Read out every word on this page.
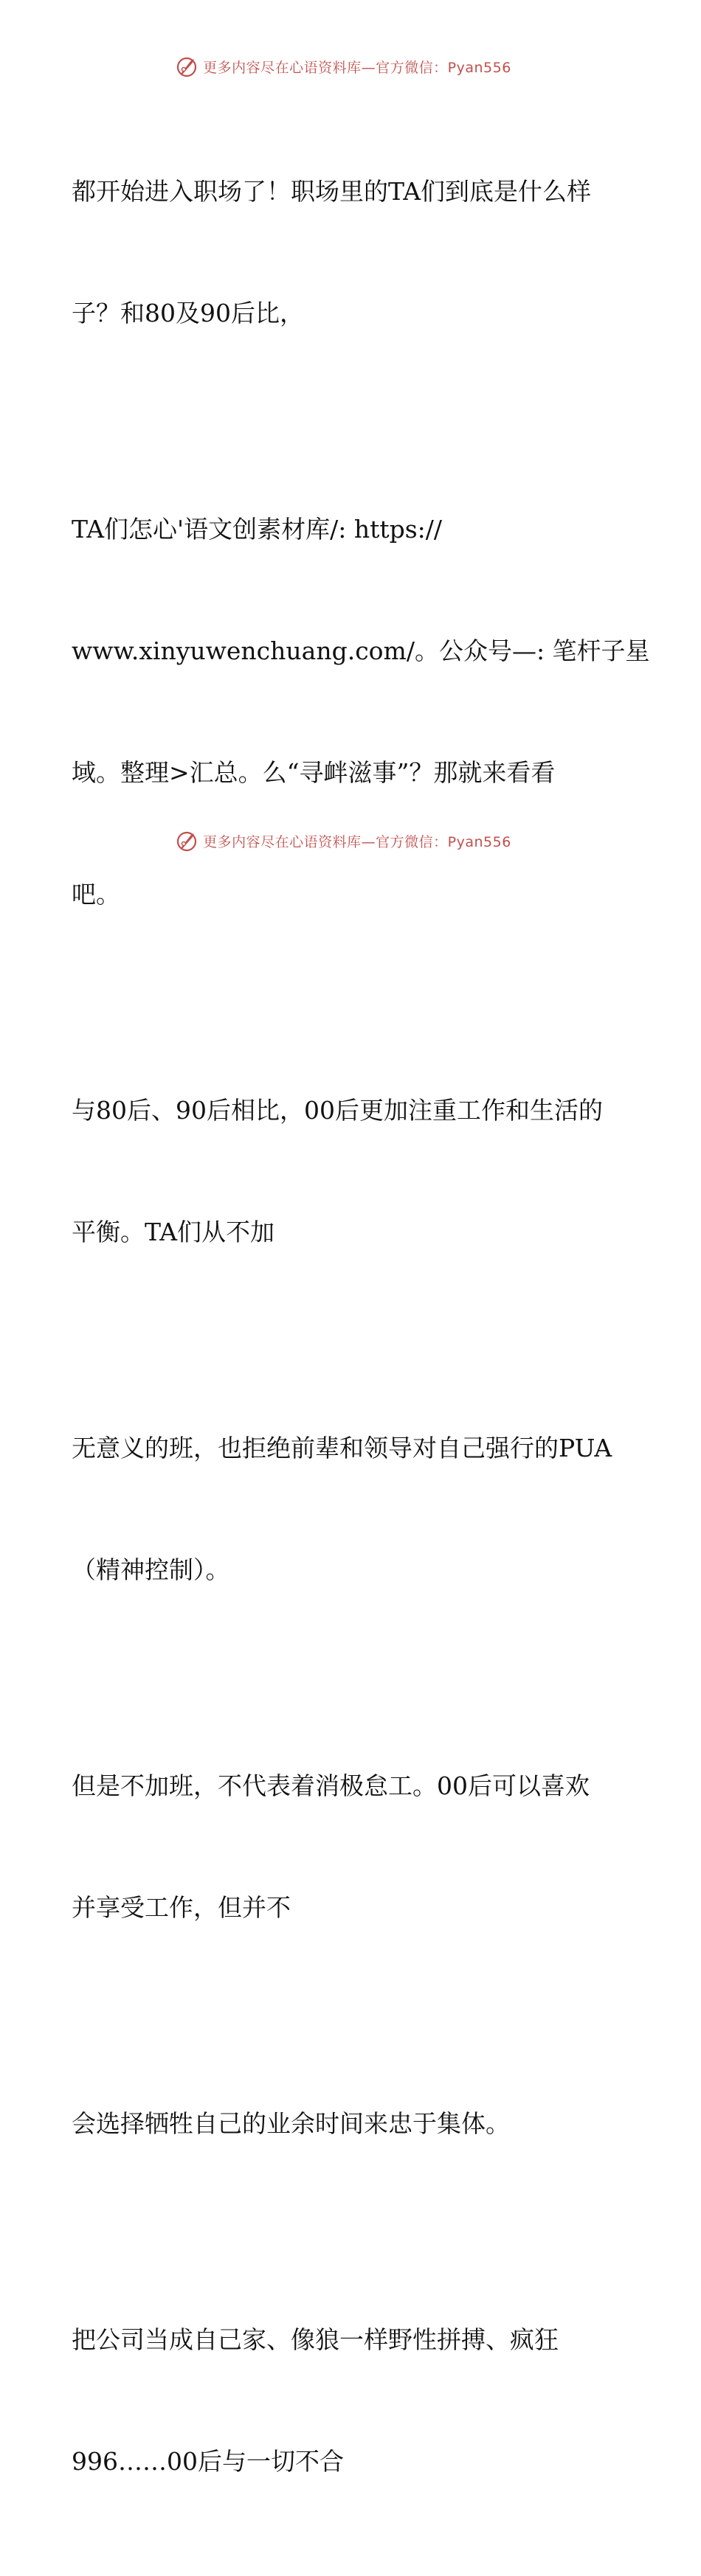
更多内容尽在心语资料库—官方微信：Pyan556

都开始进入职场了！职场里的TA们到底是什么样

子？和80及90后比，

TA们怎心'语文创素材库/: https://

www.xinyuwenchuang.com/。公众号—: 笔杆子星

域。整理>汇总。么“寻衅滋事”？那就来看看

吧。

与80后、90后相比，00后更加注重工作和生活的

平衡。TA们从不加

无意义的班，也拒绝前辈和领导对自己强行的PUA

（精神控制）。

但是不加班，不代表着消极怠工。00后可以喜欢

并享受工作，但并不

会选择牺牲自己的业余时间来忠于集体。

把公司当成自己家、像狼一样野性拼搏、疯狂

996……00后与一切不合

更多内容尽在心语资料库—官方微信：Pyan556
